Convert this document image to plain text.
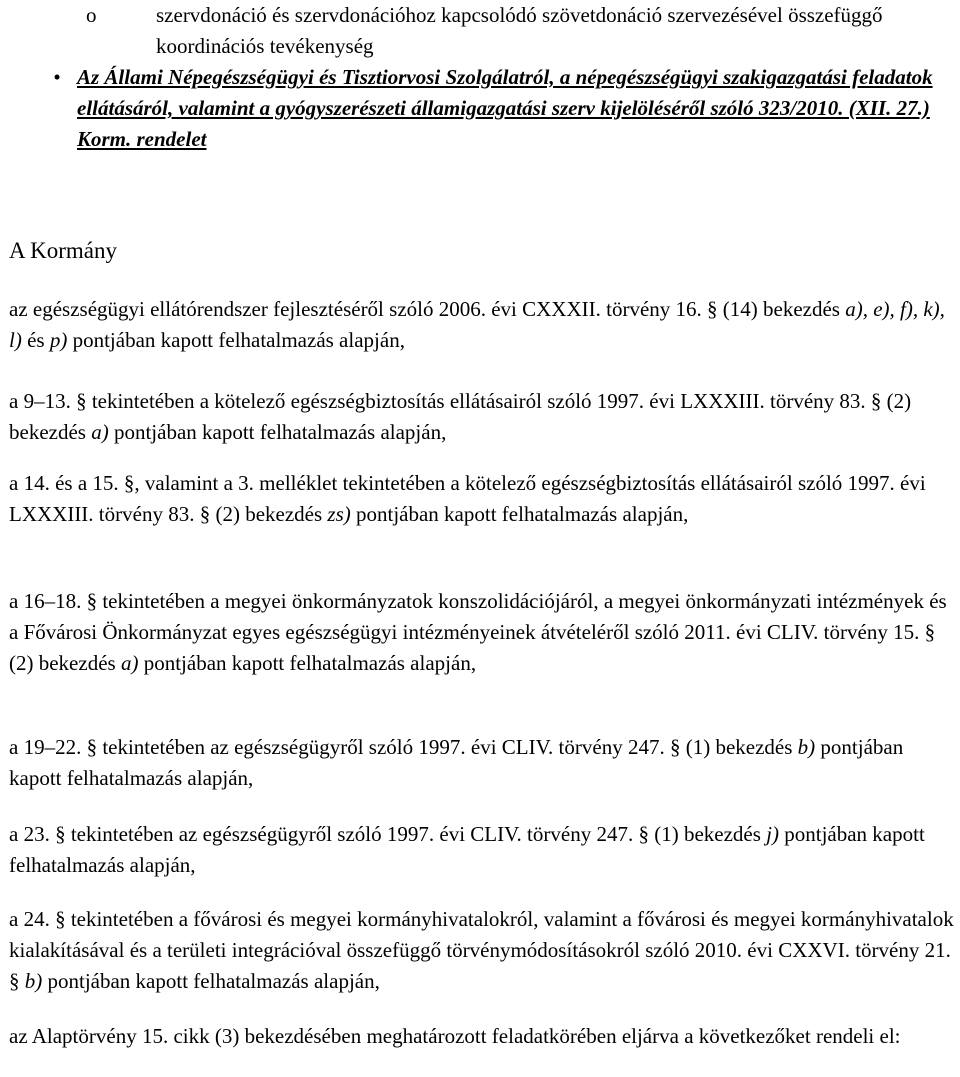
o	szervdonáció és szervdonációhoz kapcsolódó szövetdonáció szervezésével összefüggő koordinációs tevékenység
• Az Állami Népegészségügyi és Tisztiorvosi Szolgálatról, a népegészségügyi szakigazgatási feladatok ellátásáról, valamint a gyógyszerészeti államigazgatási szerv kijelöléséről szóló 323/2010. (XII. 27.) Korm. rendelet
A Kormány

az egészségügyi ellátórendszer fejlesztéséről szóló 2006. évi CXXXII. törvény 16. § (14) bekezdés a), e), f), k), l) és p) pontjában kapott felhatalmazás alapján,

a 9–13. § tekintetében a kötelező egészségbiztosítás ellátásairól szóló 1997. évi LXXXIII. törvény 83. § (2) bekezdés a) pontjában kapott felhatalmazás alapján,

a 14. és a 15. §, valamint a 3. melléklet tekintetében a kötelező egészségbiztosítás ellátásairól szóló 1997. évi LXXXIII. törvény 83. § (2) bekezdés zs) pontjában kapott felhatalmazás alapján,

a 16–18. § tekintetében a megyei önkormányzatok konszolidációjáról, a megyei önkormányzati intézmények és a Fővárosi Önkormányzat egyes egészségügyi intézményeinek átvételéről szóló 2011. évi CLIV. törvény 15. § (2) bekezdés a) pontjában kapott felhatalmazás alapján,

a 19–22. § tekintetében az egészségügyről szóló 1997. évi CLIV. törvény 247. § (1) bekezdés b) pontjában kapott felhatalmazás alapján,

a 23. § tekintetében az egészségügyről szóló 1997. évi CLIV. törvény 247. § (1) bekezdés j) pontjában kapott felhatalmazás alapján,

a 24. § tekintetében a fővárosi és megyei kormányhivatalokról, valamint a fővárosi és megyei kormányhivatalok kialakításával és a területi integrációval összefüggő törvénymódosításokról szóló 2010. évi CXXVI. törvény 21. § b) pontjában kapott felhatalmazás alapján,

az Alaptörvény 15. cikk (3) bekezdésében meghatározott feladatkörében eljárva a következőket rendeli el:
